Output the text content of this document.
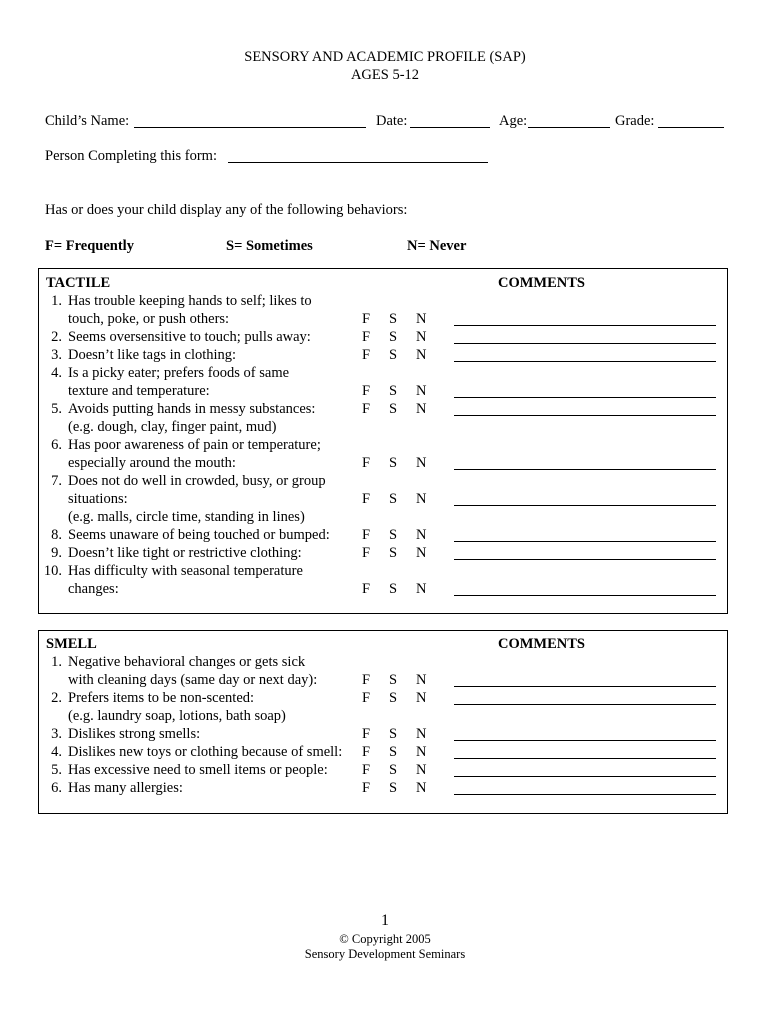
SENSORY AND ACADEMIC PROFILE (SAP)
AGES 5-12
Child’s Name:	Date:	Age:	Grade:
Person Completing this form:
Has or does your child display any of the following behaviors:
F= Frequently	S= Sometimes	N= Never
TACTILE	COMMENTS
1. Has trouble keeping hands to self; likes to
touch, poke, or push others:	F S N
2. Seems oversensitive to touch; pulls away:	F S N
3. Doesn’t like tags in clothing:	F S N
4. Is a picky eater; prefers foods of same
texture and temperature:	F S N
5. Avoids putting hands in messy substances:	F S N
(e.g. dough, clay, finger paint, mud)
6. Has poor awareness of pain or temperature;
especially around the mouth:	F S N
7. Does not do well in crowded, busy, or group
situations:	F S N
(e.g. malls, circle time, standing in lines)
8. Seems unaware of being touched or bumped: F S N
9. Doesn’t like tight or restrictive clothing:	F S N
10. Has difficulty with seasonal temperature
changes:	F S N
SMELL	COMMENTS
1. Negative behavioral changes or gets sick
with cleaning days (same day or next day):	F S N
2. Prefers items to be non-scented:	F S N
(e.g. laundry soap, lotions, bath soap)
3. Dislikes strong smells:	F S N
4. Dislikes new toys or clothing because of smell: F S N
5. Has excessive need to smell items or people: F S N
6. Has many allergies:	F S N
1
© Copyright 2005
Sensory Development Seminars
